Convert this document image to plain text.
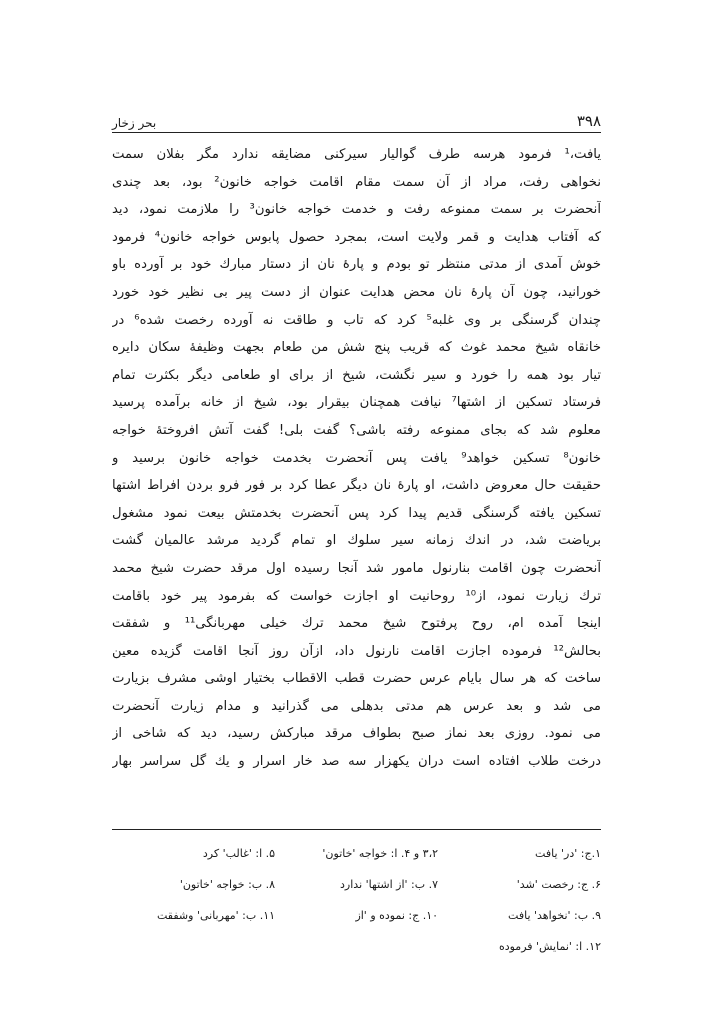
۳۹۸
بحر زخار
یافت،¹ فرمود هرسه طرف گوالیار سیرکنی مضایقه ندارد مگر بفلان سمت
نخواهی رفت، مراد از آن سمت مقام اقامت خواجه خانون² بود، بعد چندی
آنحضرت بر سمت ممنوعه رفت و خدمت خواجه خانون³ را ملازمت نمود، دید
که آفتاب هدایت و قمر ولایت است، بمجرد حصول پابوس خواجه خانون⁴ فرمود
خوش آمدی از مدتی منتظر تو بودم و پارهٔ نان از دستار مبارك خود بر آورده باو
خورانید، چون آن پارهٔ نان محض هدایت عنوان از دست پیر بی نظیر خود خورد
چندان گرسنگی بر وی غلبه⁵ کرد که تاب و طاقت نه آورده رخصت شده⁶ در
خانقاه شیخ محمد غوث که قریب پنج شش من طعام بجهت وظیفهٔ سکان دایره
تیار بود همه را خورد و سیر نگشت، شیخ از برای او طعامی دیگر بکثرت تمام
فرستاد تسکین از اشتها⁷ نیافت همچنان بیقرار بود، شیخ از خانه برآمده پرسید
معلوم شد که بجای ممنوعه رفته باشی؟ گفت بلی! گفت آتش افروختهٔ خواجه
خانون⁸ تسکین خواهد⁹ یافت پس آنحضرت بخدمت خواجه خانون برسید و
حقیقت حال معروض داشت، او پارهٔ نان دیگر عطا کرد بر فور فرو بردن افراط اشتها
تسکین یافته گرسنگی قدیم پیدا کرد پس آنحضرت بخدمتش بیعت نمود مشغول
بریاضت شد، در اندك زمانه سیر سلوك او تمام گردید مرشد عالمیان گشت
آنحضرت چون اقامت بنارنول مامور شد آنجا رسیده اول مرقد حضرت شیخ محمد
ترك زیارت نمود، از¹⁰ روحانیت او اجازت خواست که بفرمود پیر خود باقامت
اینجا آمده ام، روح پرفتوح شیخ محمد ترك خیلی مهربانگی¹¹ و شفقت
بحالش¹² فرموده اجازت اقامت نارنول داد، ازآن روز آنجا اقامت گزیده معین
ساخت که هر سال بایام عرس حضرت قطب الاقطاب بختیار اوشی مشرف بزیارت
می شد و بعد عرس هم مدتی بدهلی می گذرانید و مدام زیارت آنحضرت
می نمود. روزی بعد نماز صبح بطواف مرقد مبارکش رسید، دید که شاخی از
درخت طلاب افتاده است دران یکهزار سه صد خار اسرار و یك گل سراسر بهار
۱.ج: 'در' یافت
۳،۲ و ۴. ا: خواجه 'خاتون'
۵. ا: 'غالب' کرد
۶. ج: رخصت 'شد'
۷. ب: 'از اشتها' ندارد
۸. ب: خواجه 'خاتون'
۹. ب: 'نخواهد' یافت
۱۰. ج: نموده و 'از
۱۱. ب: 'مهربانی' وشفقت
۱۲. ا: 'نمایش' فرموده
